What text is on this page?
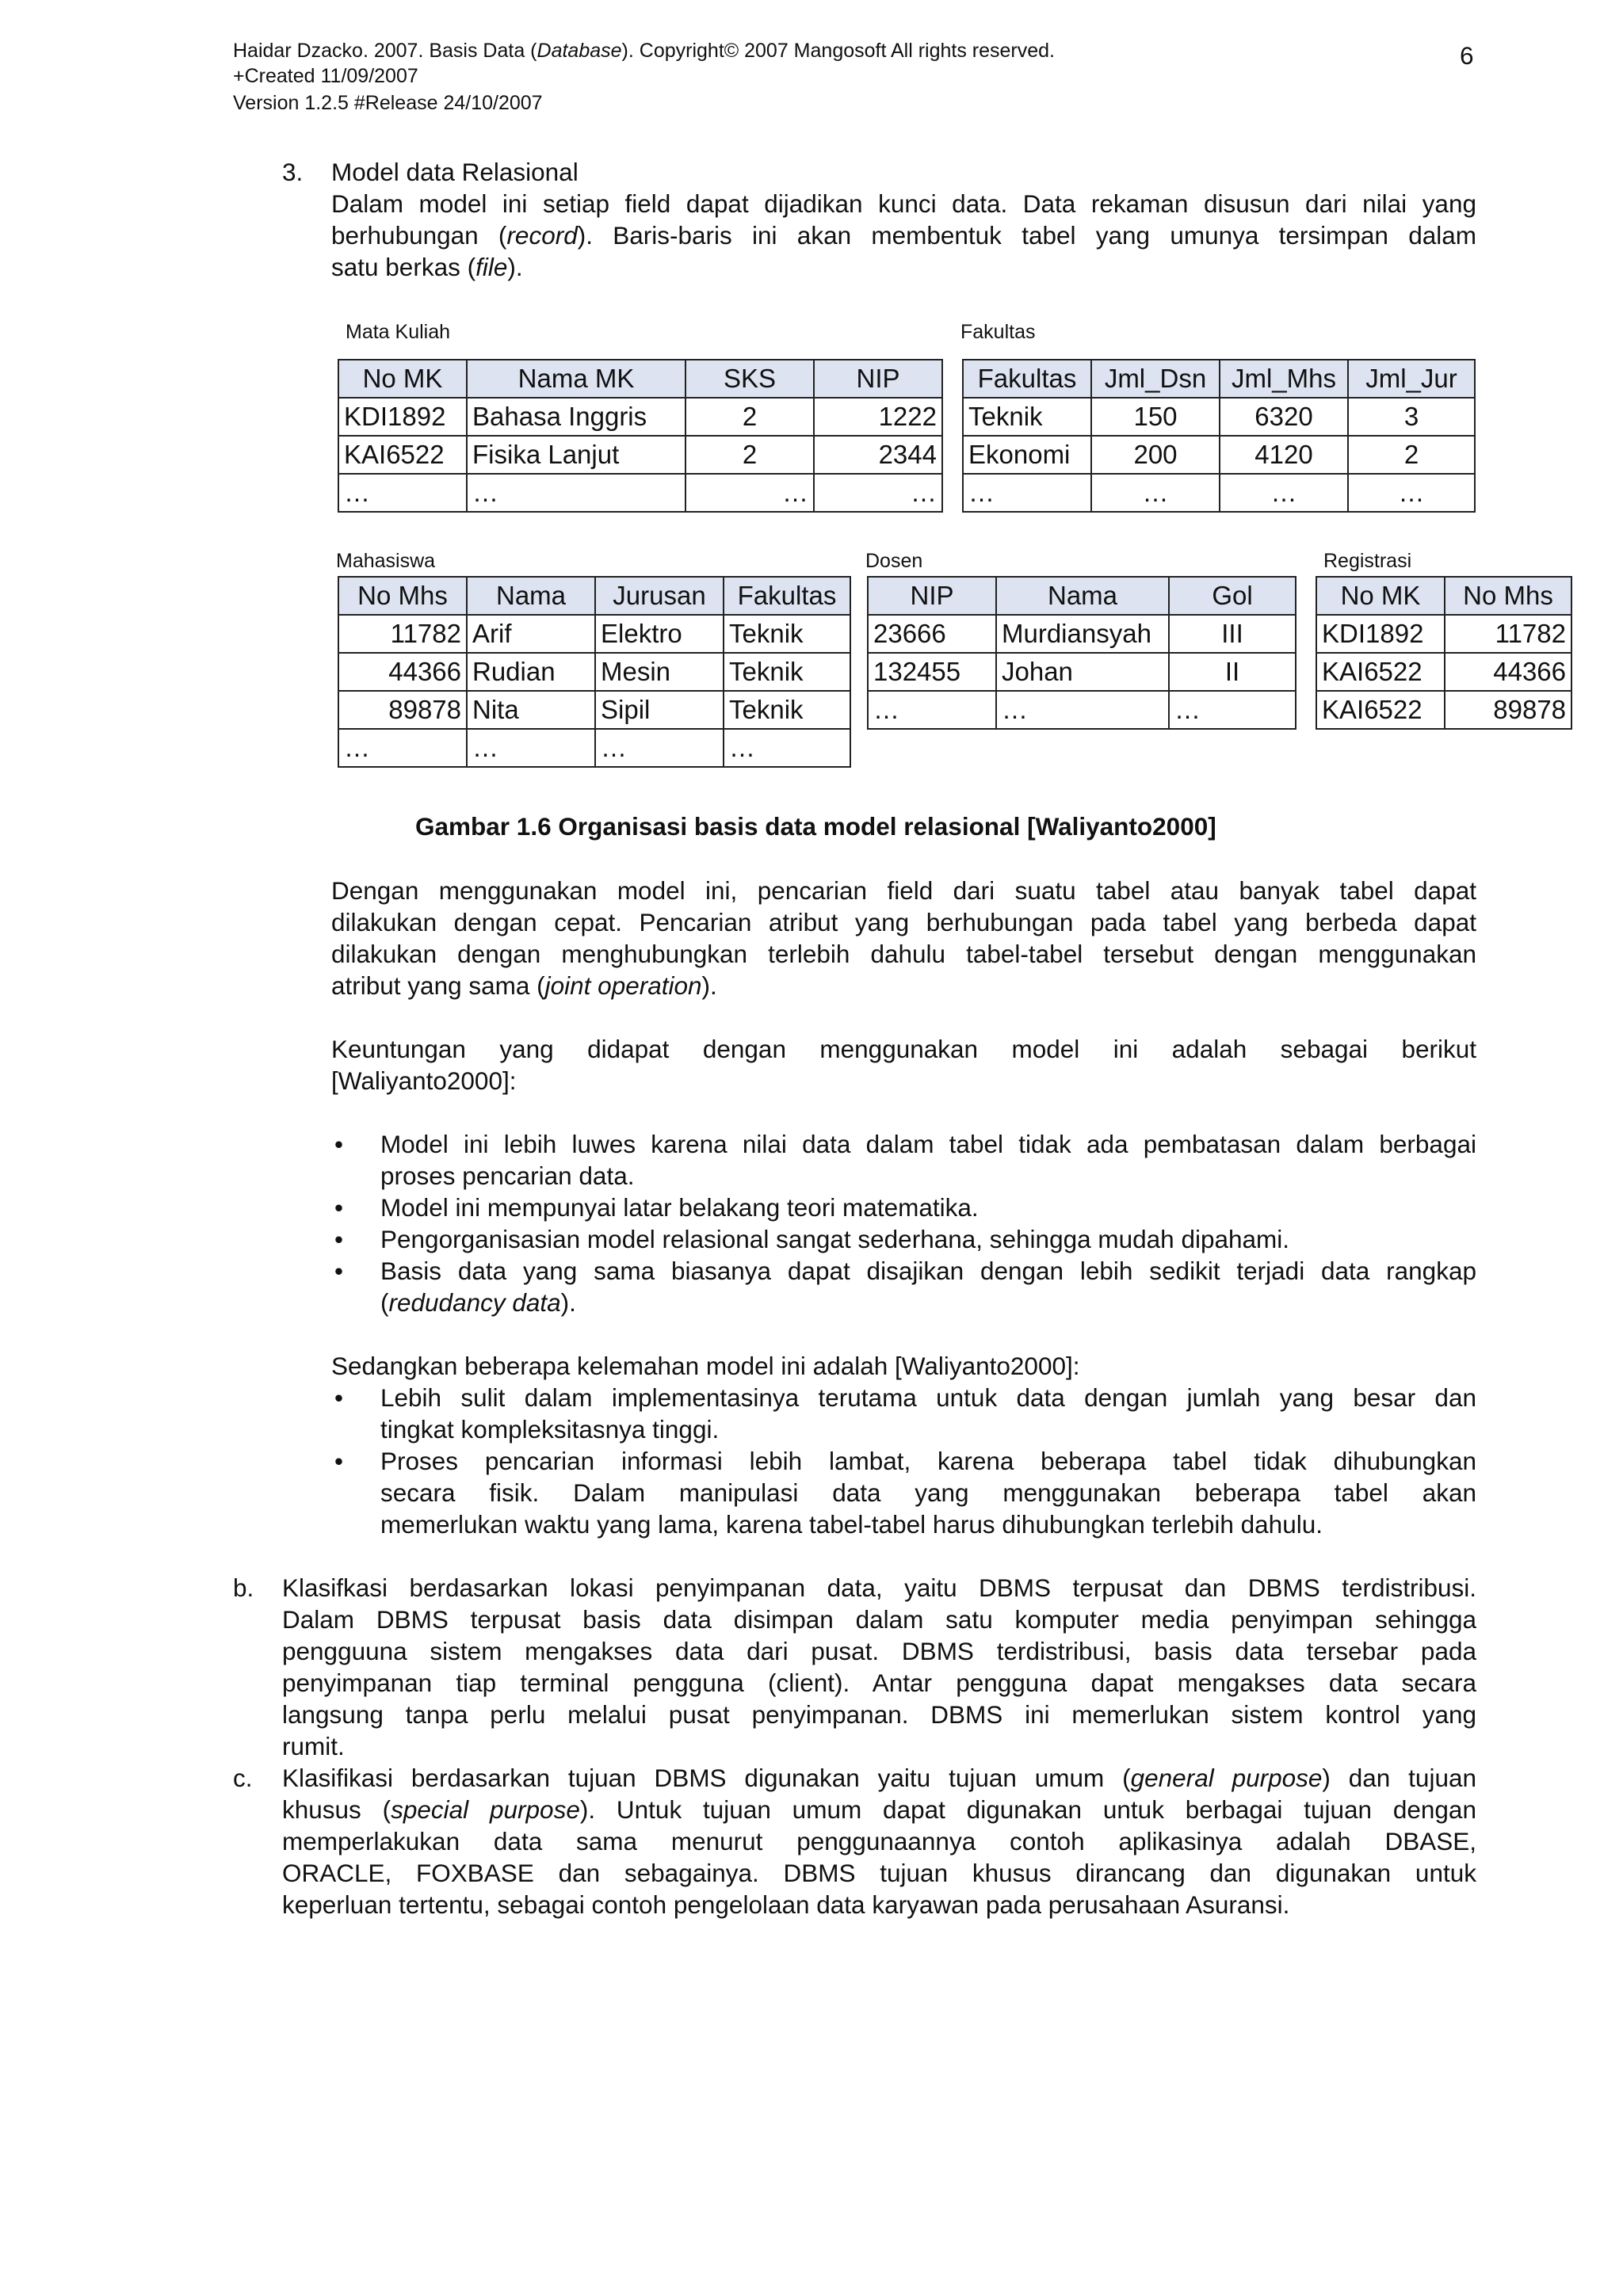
Haidar Dzacko. 2007. Basis Data (Database). Copyright© 2007 Mangosoft All rights reserved.
+Created 11/09/2007
Version 1.2.5 #Release 24/10/2007
6
3. Model data Relasional
Dalam model ini setiap field dapat dijadikan kunci data. Data rekaman disusun dari nilai yang
berhubungan (record). Baris-baris ini akan membentuk tabel yang umunya tersimpan dalam
satu berkas (file).
Mata Kuliah	Fakultas
Mahasiswa	Dosen	Registrasi
No MK	Nama MK	SKS	NIP
KDI1892	Bahasa Inggris	2	1222
KAI6522	Fisika Lanjut	2	2344
…	…	…	…
Fakultas	Jml_Dsn	Jml_Mhs	Jml_Jur
Teknik	150	6320	3
Ekonomi	200	4120	2
…	…	…	…
No Mhs	Nama	Jurusan	Fakultas
11782	Arif	Elektro	Teknik
44366	Rudian	Mesin	Teknik
89878	Nita	Sipil	Teknik
…	…	…	…
NIP	Nama	Gol
23666	Murdiansyah	III
132455	Johan	II
…	…	…
No MK	No Mhs
KDI1892	11782
KAI6522	44366
KAI6522	89878
Gambar 1.6 Organisasi basis data model relasional [Waliyanto2000]
Dengan menggunakan model ini, pencarian field dari suatu tabel atau banyak tabel dapat
dilakukan dengan cepat. Pencarian atribut yang berhubungan pada tabel yang berbeda dapat
dilakukan dengan menghubungkan terlebih dahulu tabel-tabel tersebut dengan menggunakan
atribut yang sama (joint operation).
Keuntungan yang didapat dengan menggunakan model ini adalah sebagai berikut
[Waliyanto2000]:
• Model ini lebih luwes karena nilai data dalam tabel tidak ada pembatasan dalam berbagai
proses pencarian data.
• Model ini mempunyai latar belakang teori matematika.
• Pengorganisasian model relasional sangat sederhana, sehingga mudah dipahami.
• Basis data yang sama biasanya dapat disajikan dengan lebih sedikit terjadi data rangkap
(redudancy data).
Sedangkan beberapa kelemahan model ini adalah [Waliyanto2000]:
• Lebih sulit dalam implementasinya terutama untuk data dengan jumlah yang besar dan
tingkat kompleksitasnya tinggi.
• Proses pencarian informasi lebih lambat, karena beberapa tabel tidak dihubungkan
secara fisik. Dalam manipulasi data yang menggunakan beberapa tabel akan
memerlukan waktu yang lama, karena tabel-tabel harus dihubungkan terlebih dahulu.
b. Klasifkasi berdasarkan lokasi penyimpanan data, yaitu DBMS terpusat dan DBMS terdistribusi.
Dalam DBMS terpusat basis data disimpan dalam satu komputer media penyimpan sehingga
pengguuna sistem mengakses data dari pusat. DBMS terdistribusi, basis data tersebar pada
penyimpanan tiap terminal pengguna (client). Antar pengguna dapat mengakses data secara
langsung tanpa perlu melalui pusat penyimpanan. DBMS ini memerlukan sistem kontrol yang
rumit.
c. Klasifikasi berdasarkan tujuan DBMS digunakan yaitu tujuan umum (general purpose) dan tujuan
khusus (special purpose). Untuk tujuan umum dapat digunakan untuk berbagai tujuan dengan
memperlakukan data sama menurut penggunaannya contoh aplikasinya adalah DBASE,
ORACLE, FOXBASE dan sebagainya. DBMS tujuan khusus dirancang dan digunakan untuk
keperluan tertentu, sebagai contoh pengelolaan data karyawan pada perusahaan Asuransi.
